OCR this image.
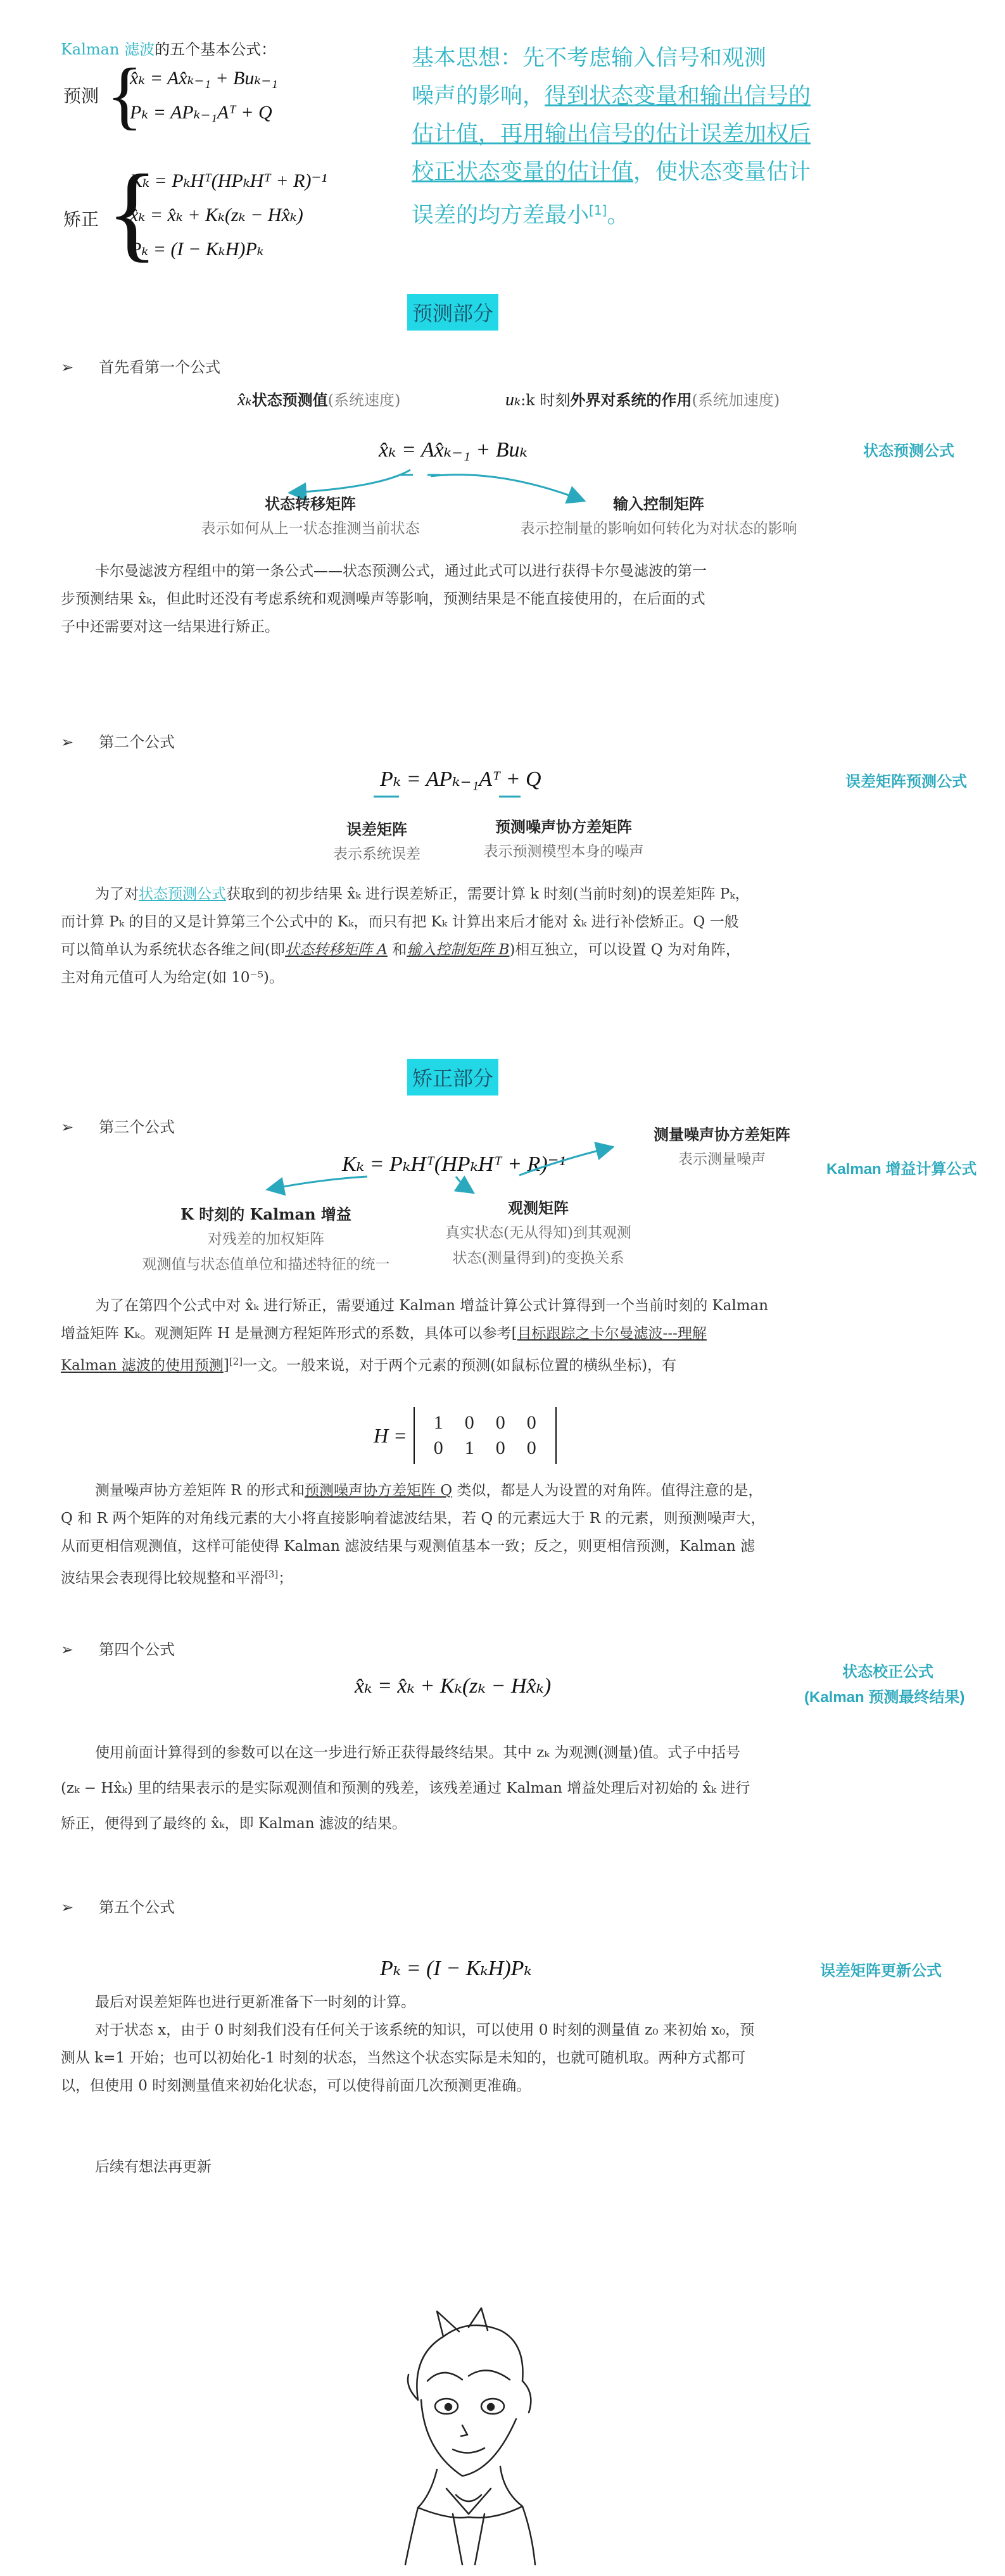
Kalman 滤波的五个基本公式：
预测 {
x̂ₖ = Ax̂ₖ₋₁ + Buₖ₋₁
Pₖ = APₖ₋₁Aᵀ + Q
矫正 {
Kₖ = PₖHᵀ(HPₖHᵀ + R)⁻¹
x̂ₖ = x̂ₖ + Kₖ(zₖ − Hx̂ₖ)
Pₖ = (I − KₖH)Pₖ
基本思想：先不考虑输入信号和观测
噪声的影响，得到状态变量和输出信号的
估计值，再用输出信号的估计误差加权后
校正状态变量的估计值，使状态变量估计
误差的均方差最小[1]。
预测部分
➢ 首先看第一个公式
x̂ₖ状态预测值(系统速度)	uₖ:k 时刻外界对系统的作用(系统加速度)
状态预测公式
x̂ₖ = Ax̂ₖ₋₁ + Buₖ
状态转移矩阵
表示如何从上一状态推测当前状态
输入控制矩阵
表示控制量的影响如何转化为对状态的影响
卡尔曼滤波方程组中的第一条公式——状态预测公式，通过此式可以进行获得卡尔曼滤波的第一
步预测结果 x̂ₖ，但此时还没有考虑系统和观测噪声等影响，预测结果是不能直接使用的，在后面的式
子中还需要对这一结果进行矫正。
➢ 第二个公式
Pₖ = APₖ₋₁Aᵀ + Q	误差矩阵预测公式
误差矩阵
表示系统误差
预测噪声协方差矩阵
表示预测模型本身的噪声
为了对状态预测公式获取到的初步结果 x̂ₖ 进行误差矫正，需要计算 k 时刻(当前时刻)的误差矩阵 Pₖ，
而计算 Pₖ 的目的又是计算第三个公式中的 Kₖ，而只有把 Kₖ 计算出来后才能对 x̂ₖ 进行补偿矫正。Q 一般
可以简单认为系统状态各维之间(即状态转移矩阵 A 和输入控制矩阵 B)相互独立，可以设置 Q 为对角阵，
主对角元值可人为给定(如 10⁻⁵)。
矫正部分
➢ 第三个公式	测量噪声协方差矩阵
表示测量噪声
Kalman 增益计算公式
Kₖ = PₖHᵀ(HPₖHᵀ + R)⁻¹
K 时刻的 Kalman 增益
对残差的加权矩阵
观测值与状态值单位和描述特征的统一
观测矩阵
真实状态(无从得知)到其观测
状态(测量得到)的变换关系
为了在第四个公式中对 x̂ₖ 进行矫正，需要通过 Kalman 增益计算公式计算得到一个当前时刻的 Kalman
增益矩阵 Kₖ。观测矩阵 H 是量测方程矩阵形式的系数，具体可以参考[目标跟踪之卡尔曼滤波---理解
Kalman 滤波的使用预测][2]一文。一般来说，对于两个元素的预测(如鼠标位置的横纵坐标)，有
H =
1	0	0	0
0	1	0	0
测量噪声协方差矩阵 R 的形式和预测噪声协方差矩阵 Q 类似，都是人为设置的对角阵。值得注意的是，
Q 和 R 两个矩阵的对角线元素的大小将直接影响着滤波结果，若 Q 的元素远大于 R 的元素，则预测噪声大，
从而更相信观测值，这样可能使得 Kalman 滤波结果与观测值基本一致；反之，则更相信预测，Kalman 滤
波结果会表现得比较规整和平滑[3]；
➢ 第四个公式
x̂ₖ = x̂ₖ + Kₖ(zₖ − Hx̂ₖ)
状态校正公式
(Kalman 预测最终结果)
使用前面计算得到的参数可以在这一步进行矫正获得最终结果。其中 zₖ 为观测(测量)值。式子中括号
(zₖ − Hx̂ₖ) 里的结果表示的是实际观测值和预测的残差，该残差通过 Kalman 增益处理后对初始的 x̂ₖ 进行
矫正，便得到了最终的 x̂ₖ，即 Kalman 滤波的结果。
➢ 第五个公式
Pₖ = (I − KₖH)Pₖ	误差矩阵更新公式
最后对误差矩阵也进行更新准备下一时刻的计算。
对于状态 x，由于 0 时刻我们没有任何关于该系统的知识，可以使用 0 时刻的测量值 z₀ 来初始 x₀，预
测从 k=1 开始；也可以初始化-1 时刻的状态，当然这个状态实际是未知的，也就可随机取。两种方式都可
以，但使用 0 时刻测量值来初始化状态，可以使得前面几次预测更准确。
后续有想法再更新
